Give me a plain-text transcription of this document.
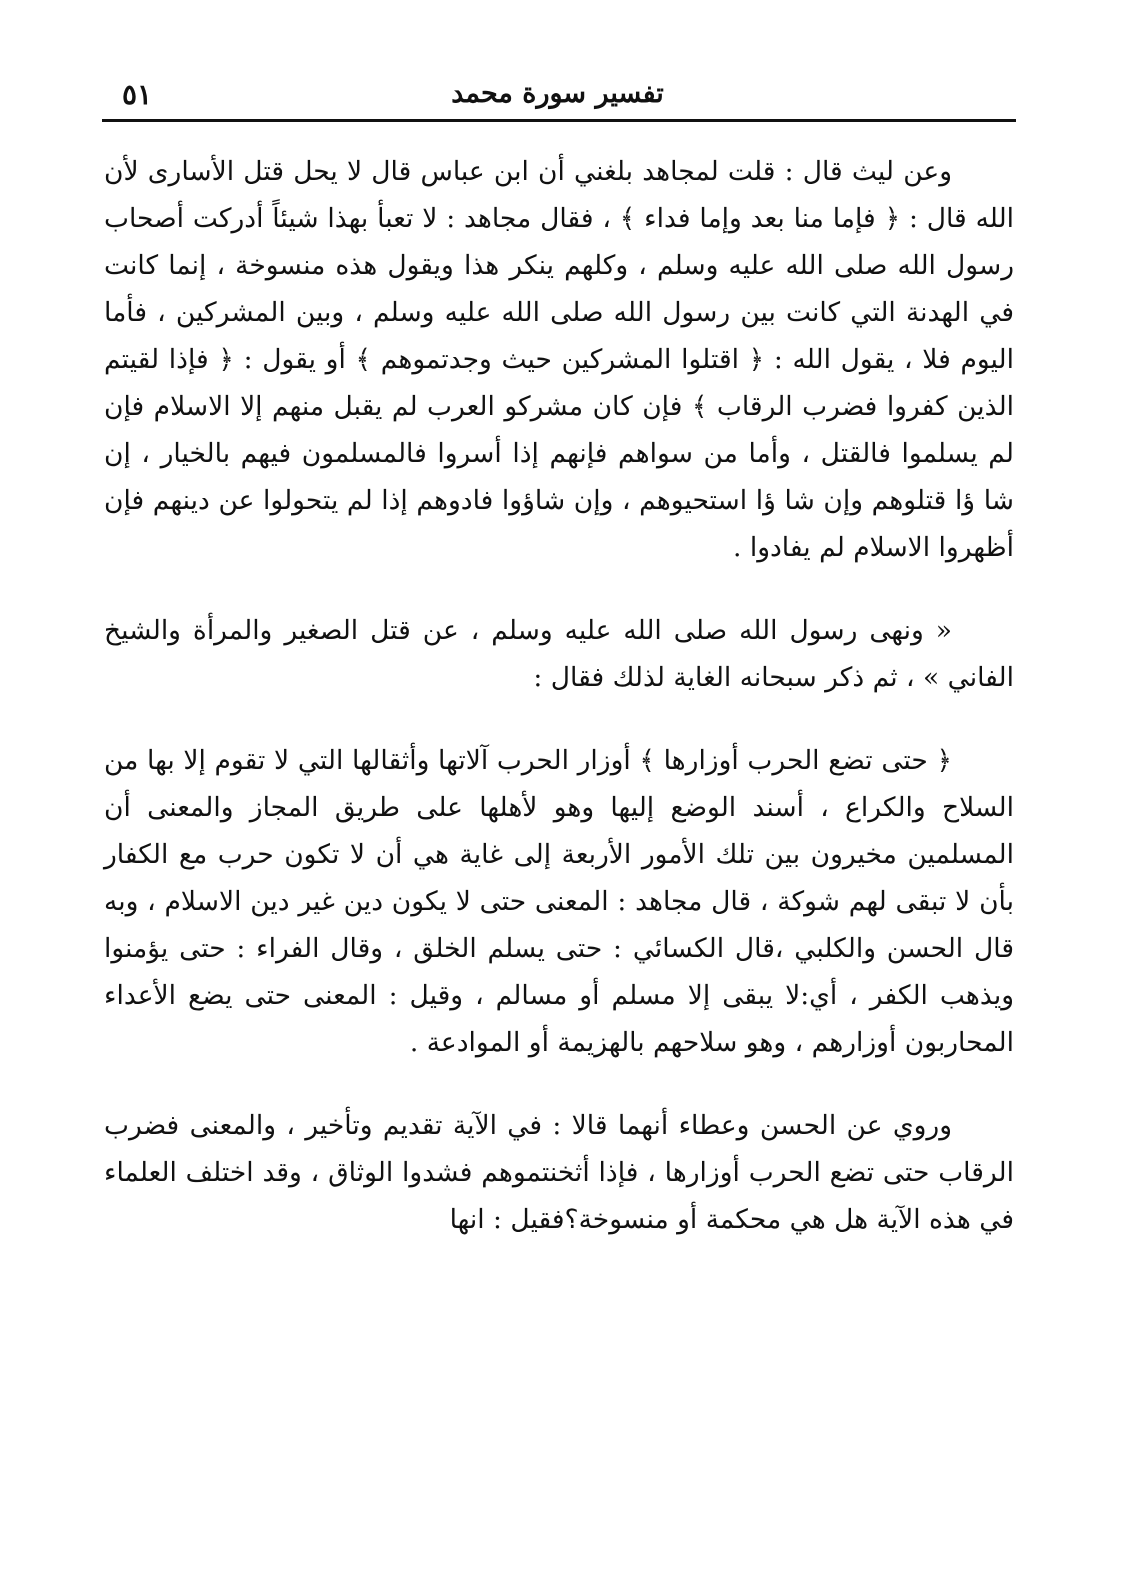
تفسير سورة محمد
٥١

وعن ليث قال : قلت لمجاهد بلغني أن ابن عباس قال لا يحل قتل الأسارى لأن الله قال : ﴿ فإما منا بعد وإما فداء ﴾ ، فقال مجاهد : لا تعبأ بهذا شيئاً أدركت أصحاب رسول الله صلى الله عليه وسلم ، وكلهم ينكر هذا ويقول هذه منسوخة ، إنما كانت في الهدنة التي كانت بين رسول الله صلى الله عليه وسلم ، وبين المشركين ، فأما اليوم فلا ، يقول الله : ﴿ اقتلوا المشركين حيث وجدتموهم ﴾ أو يقول : ﴿ فإذا لقيتم الذين كفروا فضرب الرقاب ﴾ فإن كان مشركو العرب لم يقبل منهم إلا الاسلام فإن لم يسلموا فالقتل ، وأما من سواهم فإنهم إذا أسروا فالمسلمون فيهم بالخيار ، إن شا ؤا قتلوهم وإن شا ؤا استحيوهم ، وإن شاؤوا فادوهم إذا لم يتحولوا عن دينهم فإن أظهروا الاسلام لم يفادوا .

« ونهى رسول الله صلى الله عليه وسلم ، عن قتل الصغير والمرأة والشيخ الفاني » ، ثم ذكر سبحانه الغاية لذلك فقال :

﴿ حتى تضع الحرب أوزارها ﴾ أوزار الحرب آلاتها وأثقالها التي لا تقوم إلا بها من السلاح والكراع ، أسند الوضع إليها وهو لأهلها على طريق المجاز والمعنى أن المسلمين مخيرون بين تلك الأمور الأربعة إلى غاية هي أن لا تكون حرب مع الكفار بأن لا تبقى لهم شوكة ، قال مجاهد : المعنى حتى لا يكون دين غير دين الاسلام ، وبه قال الحسن والكلبي ،قال الكسائي : حتى يسلم الخلق ، وقال الفراء : حتى يؤمنوا ويذهب الكفر ، أي:لا يبقى إلا مسلم أو مسالم ، وقيل : المعنى حتى يضع الأعداء المحاربون أوزارهم ، وهو سلاحهم بالهزيمة أو الموادعة .

وروي عن الحسن وعطاء أنهما قالا : في الآية تقديم وتأخير ، والمعنى فضرب الرقاب حتى تضع الحرب أوزارها ، فإذا أثخنتموهم فشدوا الوثاق ، وقد اختلف العلماء في هذه الآية هل هي محكمة أو منسوخة؟فقيل : انها
